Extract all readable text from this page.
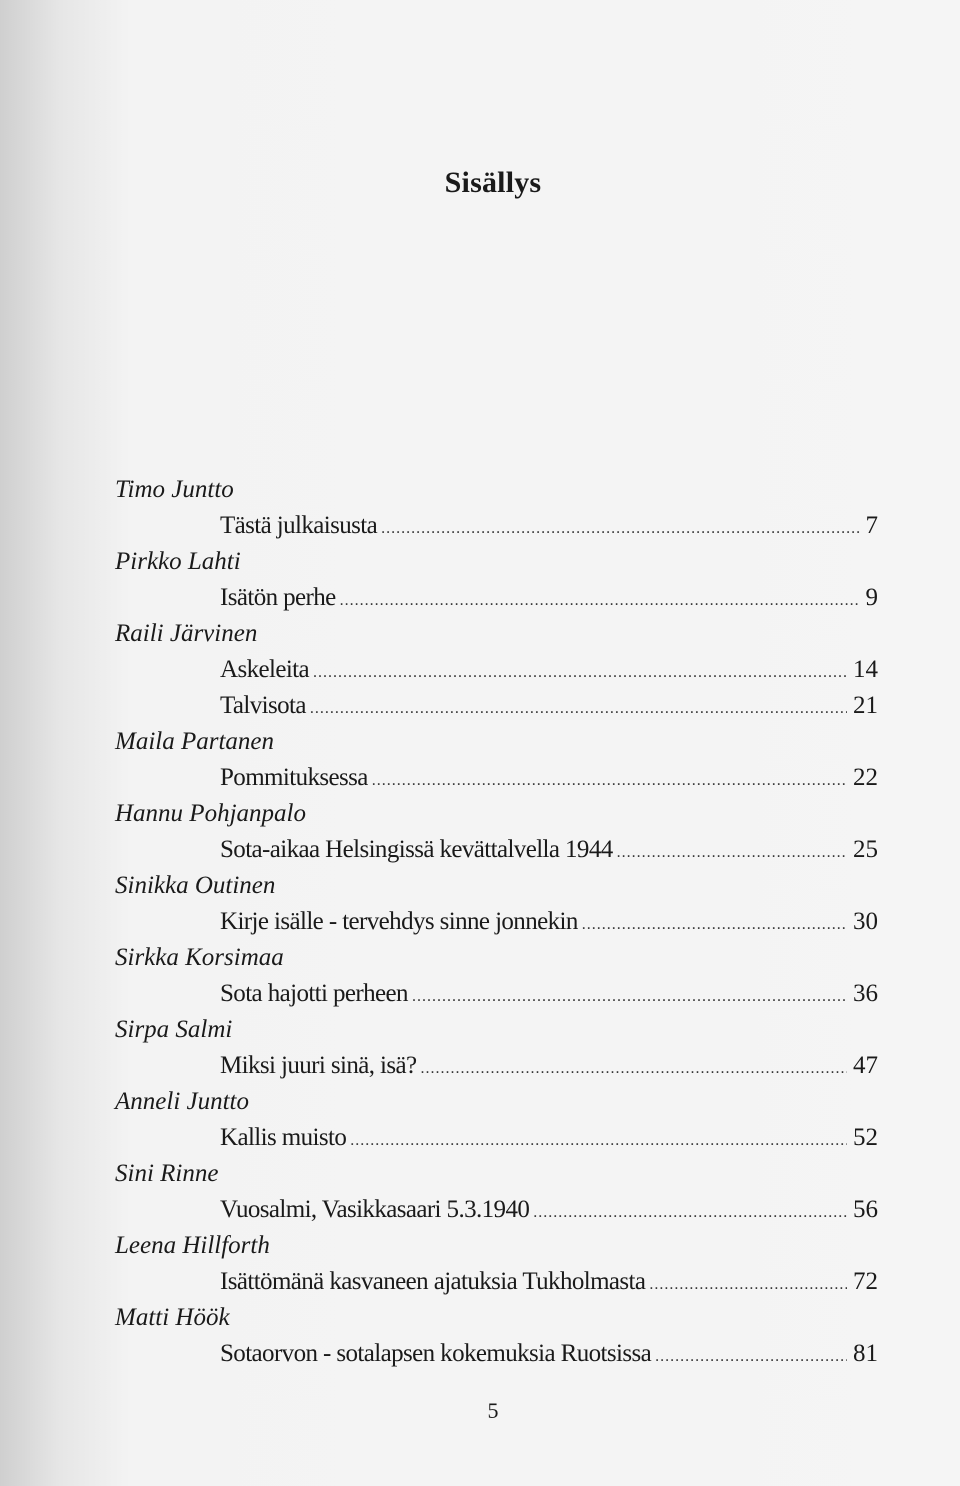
Sisällys
Timo Juntto
Tästä julkaisusta .....	7
Pirkko Lahti
Isätön perhe .....	9
Raili Järvinen
Askeleita .....	14
Talvisota .....	21
Maila Partanen
Pommituksessa .....	22
Hannu Pohjanpalo
Sota-aikaa Helsingissä kevättalvella 1944 .....	25
Sinikka Outinen
Kirje isälle - tervehdys sinne jonnekin .....	30
Sirkka Korsimaa
Sota hajotti perheen .....	36
Sirpa Salmi
Miksi juuri sinä, isä? .....	47
Anneli Juntto
Kallis muisto .....	52
Sini Rinne
Vuosalmi, Vasikkasaari 5.3.1940 .....	56
Leena Hillforth
Isättömänä kasvaneen ajatuksia Tukholmasta .....	72
Matti Höök
Sotaorvon - sotalapsen kokemuksia Ruotsissa .....	81
5
